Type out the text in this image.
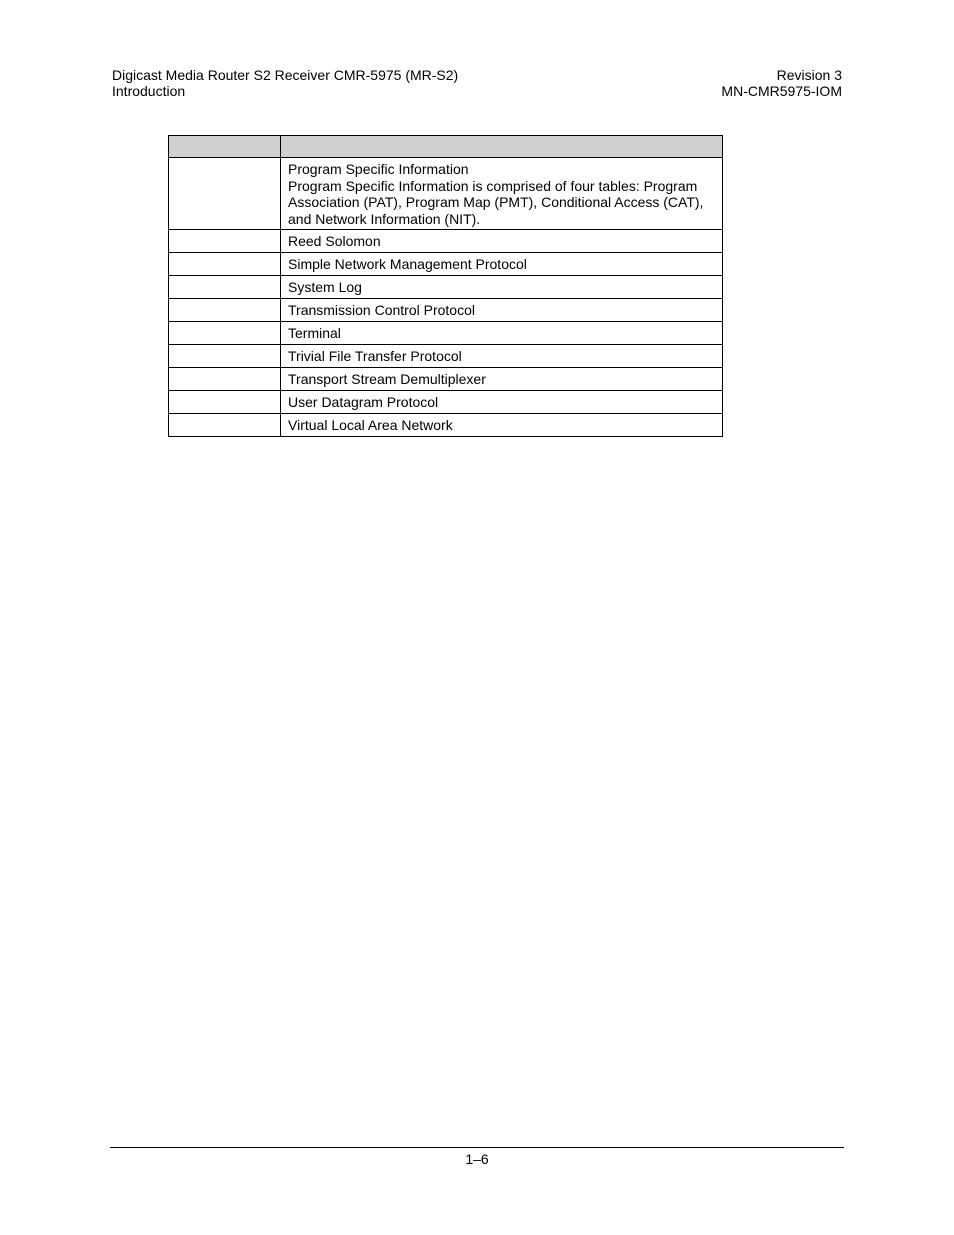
Digicast Media Router S2 Receiver CMR-5975 (MR-S2)
Introduction
Revision 3
MN-CMR5975-IOM

	Program Specific Information
Program Specific Information is comprised of four tables: Program Association (PAT), Program Map (PMT), Conditional Access (CAT), and Network Information (NIT).

	Reed Solomon
	Simple Network Management Protocol
	System Log
	Transmission Control Protocol
	Terminal
	Trivial File Transfer Protocol
	Transport Stream Demultiplexer
	User Datagram Protocol
	Virtual Local Area Network
1–6
